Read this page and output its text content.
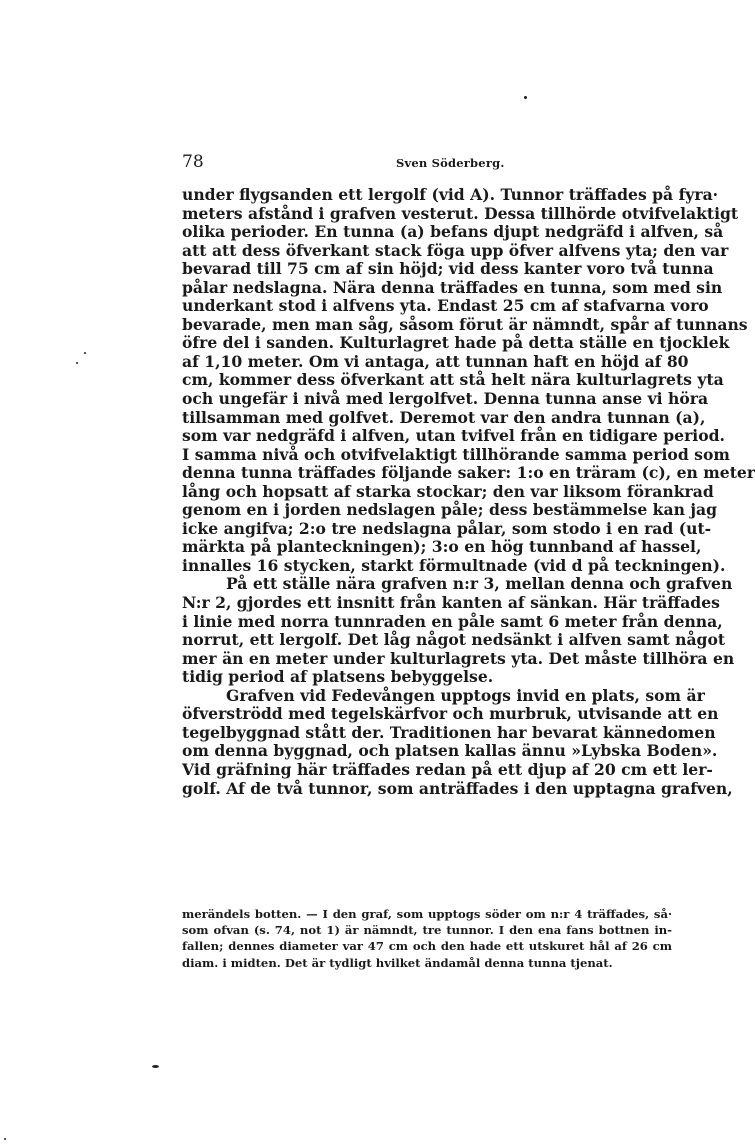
78	Sven Söderberg.
under flygsanden ett lergolf (vid A). Tunnor träffades på fyra·
meters afstånd i grafven vesterut. Dessa tillhörde otvifvelaktigt
olika perioder. En tunna (a) befans djupt nedgräfd i alfven, så
att att dess öfverkant stack föga upp öfver alfvens yta; den var
bevarad till 75 cm af sin höjd; vid dess kanter voro två tunna
pålar nedslagna. Nära denna träffades en tunna, som med sin
underkant stod i alfvens yta. Endast 25 cm af stafvarna voro
bevarade, men man såg, såsom förut är nämndt, spår af tunnans
öfre del i sanden. Kulturlagret hade på detta ställe en tjocklek
af 1,10 meter. Om vi antaga, att tunnan haft en höjd af 80
cm, kommer dess öfverkant att stå helt nära kulturlagrets yta
och ungefär i nivå med lergolfvet. Denna tunna anse vi höra
tillsamman med golfvet. Deremot var den andra tunnan (a),
som var nedgräfd i alfven, utan tvifvel från en tidigare period.
I samma nivå och otvifvelaktigt tillhörande samma period som
denna tunna träffades följande saker: 1:o en träram (c), en meter
lång och hopsatt af starka stockar; den var liksom förankrad
genom en i jorden nedslagen påle; dess bestämmelse kan jag
icke angifva; 2:o tre nedslagna pålar, som stodo i en rad (ut-
märkta på planteckningen); 3:o en hög tunnband af hassel,
innalles 16 stycken, starkt förmultnade (vid d på teckningen).
På ett ställe nära grafven n:r 3, mellan denna och grafven
N:r 2, gjordes ett insnitt från kanten af sänkan. Här träffades
i linie med norra tunnraden en påle samt 6 meter från denna,
norrut, ett lergolf. Det låg något nedsänkt i alfven samt något
mer än en meter under kulturlagrets yta. Det måste tillhöra en
tidig period af platsens bebyggelse.
Grafven vid Fedevången upptogs invid en plats, som är
öfverströdd med tegelskärfvor och murbruk, utvisande att en
tegelbyggnad stått der. Traditionen har bevarat kännedomen
om denna byggnad, och platsen kallas ännu »Lybska Boden».
Vid gräfning här träffades redan på ett djup af 20 cm ett ler-
golf. Af de två tunnor, som anträffades i den upptagna grafven,
merändels botten. — I den graf, som upptogs söder om n:r 4 träffades, så·
som ofvan (s. 74, not 1) är nämndt, tre tunnor. I den ena fans bottnen in-
fallen; dennes diameter var 47 cm och den hade ett utskuret hål af 26 cm
diam. i midten. Det är tydligt hvilket ändamål denna tunna tjenat.
